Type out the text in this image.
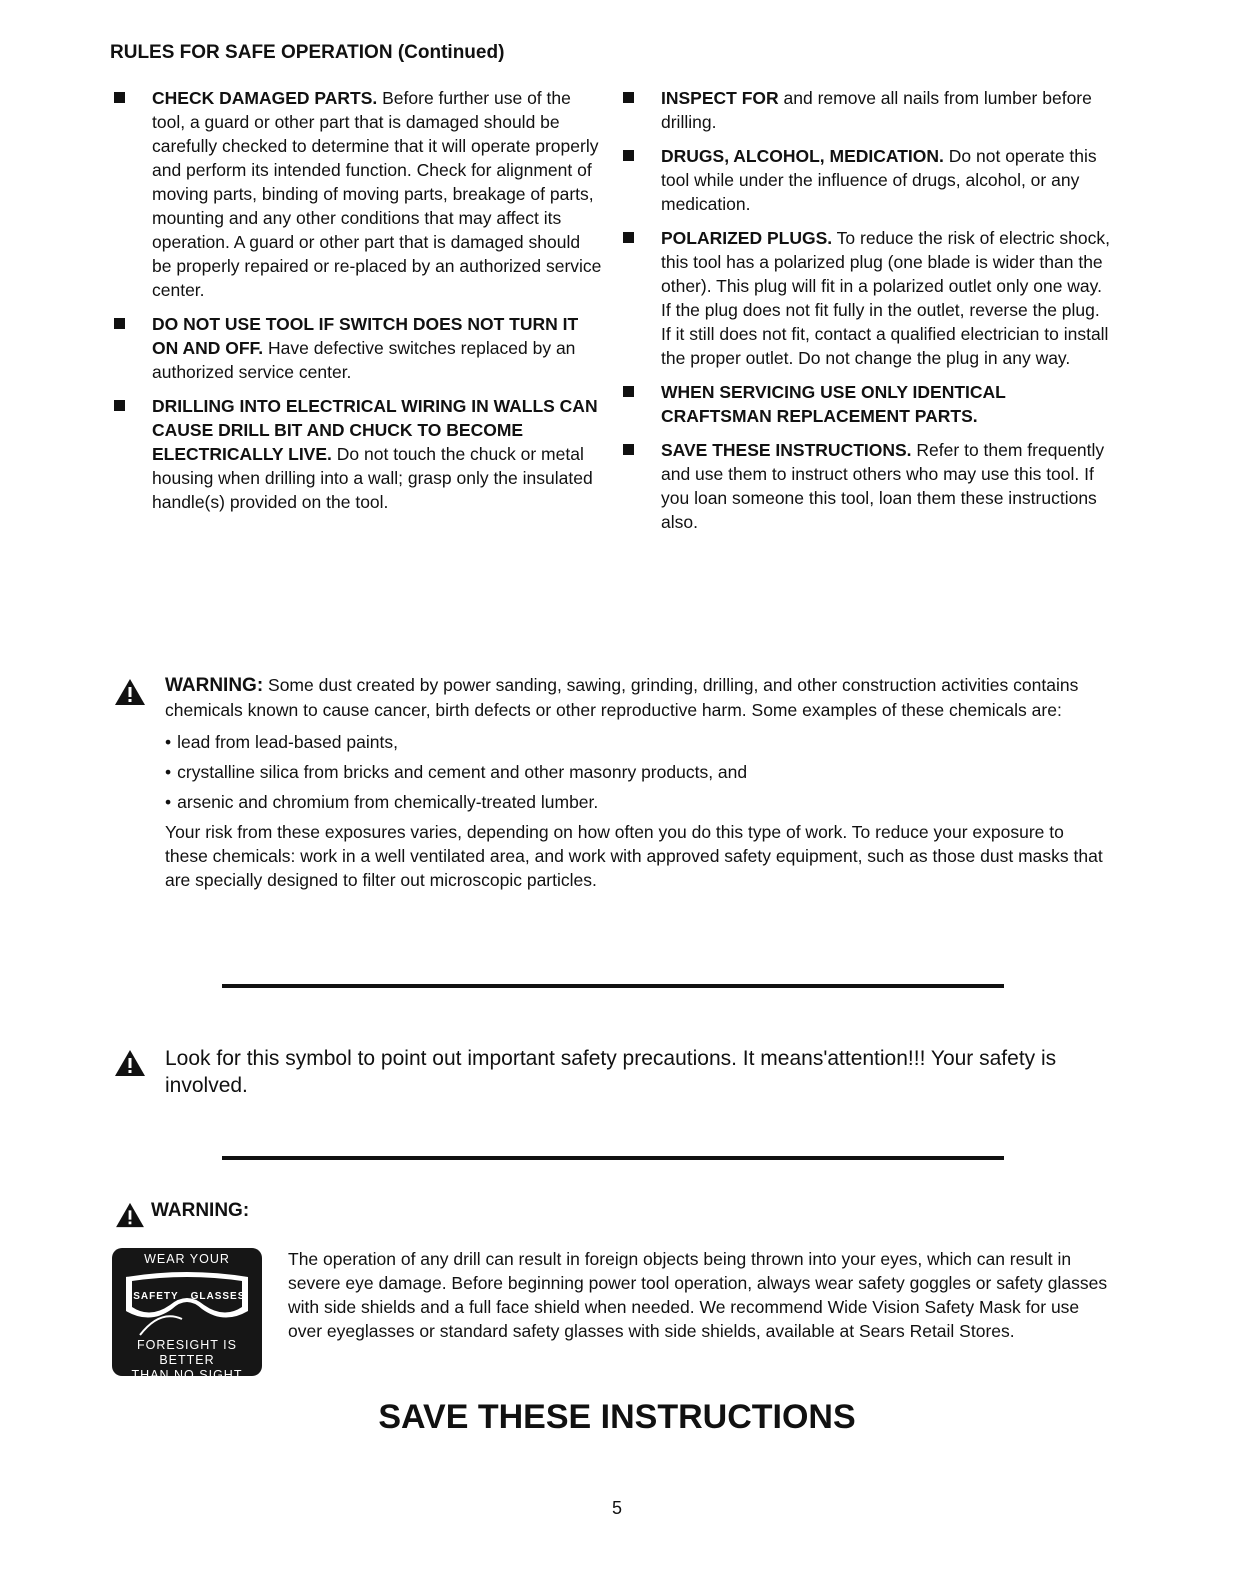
RULES FOR SAFE OPERATION (Continued)
CHECK DAMAGED PARTS. Before further use of the tool, a guard or other part that is damaged should be carefully checked to determine that it will operate properly and perform its intended function. Check for alignment of moving parts, binding of moving parts, breakage of parts, mounting and any other conditions that may affect its operation. A guard or other part that is damaged should be properly repaired or re-placed by an authorized service center.
DO NOT USE TOOL IF SWITCH DOES NOT TURN IT ON AND OFF. Have defective switches replaced by an authorized service center.
DRILLING INTO ELECTRICAL WIRING IN WALLS CAN CAUSE DRILL BIT AND CHUCK TO BECOME ELECTRICALLY LIVE. Do not touch the chuck or metal housing when drilling into a wall; grasp only the insulated handle(s) provided on the tool.
INSPECT FOR and remove all nails from lumber before drilling.
DRUGS, ALCOHOL, MEDICATION. Do not operate this tool while under the influence of drugs, alcohol, or any medication.
POLARIZED PLUGS. To reduce the risk of electric shock, this tool has a polarized plug (one blade is wider than the other). This plug will fit in a polarized outlet only one way. If the plug does not fit fully in the outlet, reverse the plug. If it still does not fit, contact a qualified electrician to install the proper outlet. Do not change the plug in any way.
WHEN SERVICING USE ONLY IDENTICAL CRAFTSMAN REPLACEMENT PARTS.
SAVE THESE INSTRUCTIONS. Refer to them frequently and use them to instruct others who may use this tool. If you loan someone this tool, loan them these instructions also.
WARNING: Some dust created by power sanding, sawing, grinding, drilling, and other construction activities contains chemicals known to cause cancer, birth defects or other reproductive harm. Some examples of these chemicals are:
• lead from lead-based paints,
• crystalline silica from bricks and cement and other masonry products, and
• arsenic and chromium from chemically-treated lumber.
Your risk from these exposures varies, depending on how often you do this type of work. To reduce your exposure to these chemicals: work in a well ventilated area, and work with approved safety equipment, such as those dust masks that are specially designed to filter out microscopic particles.
Look for this symbol to point out important safety precautions. It means'attention!!! Your safety is involved.
WARNING:
WEAR YOUR
SAFETY GLASSES
FORESIGHT IS BETTER
THAN NO SIGHT
The operation of any drill can result in foreign objects being thrown into your eyes, which can result in severe eye damage. Before beginning power tool operation, always wear safety goggles or safety glasses with side shields and a full face shield when needed. We recommend Wide Vision Safety Mask for use over eyeglasses or standard safety glasses with side shields, available at Sears Retail Stores.
SAVE THESE INSTRUCTIONS
5
